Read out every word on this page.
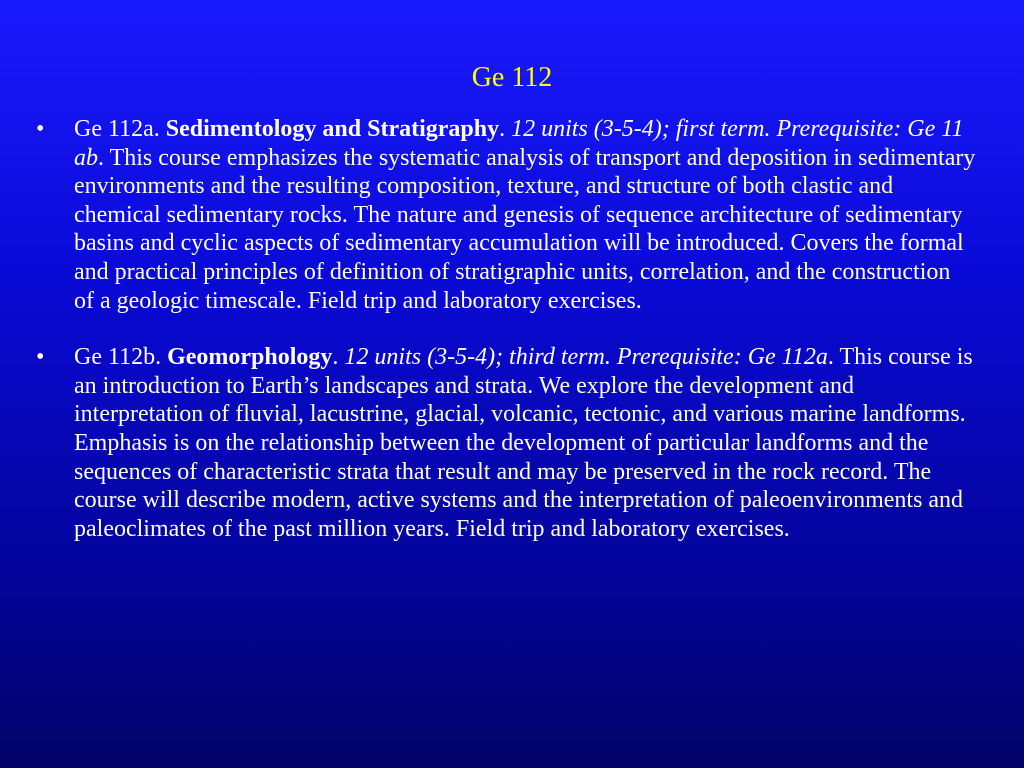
Ge 112
• Ge 112a. Sedimentology and Stratigraphy. 12 units (3-5-4); first term. Prerequisite: Ge 11 ab. This course emphasizes the systematic analysis of transport and deposition in sedimentary environments and the resulting composition, texture, and structure of both clastic and chemical sedimentary rocks. The nature and genesis of sequence architecture of sedimentary basins and cyclic aspects of sedimentary accumulation will be introduced. Covers the formal and practical principles of definition of stratigraphic units, correlation, and the construction of a geologic timescale. Field trip and laboratory exercises.
• Ge 112b. Geomorphology. 12 units (3-5-4); third term. Prerequisite: Ge 112a. This course is an introduction to Earth’s landscapes and strata. We explore the development and interpretation of fluvial, lacustrine, glacial, volcanic, tectonic, and various marine landforms. Emphasis is on the relationship between the development of particular landforms and the sequences of characteristic strata that result and may be preserved in the rock record. The course will describe modern, active systems and the interpretation of paleoenvironments and paleoclimates of the past million years. Field trip and laboratory exercises.
